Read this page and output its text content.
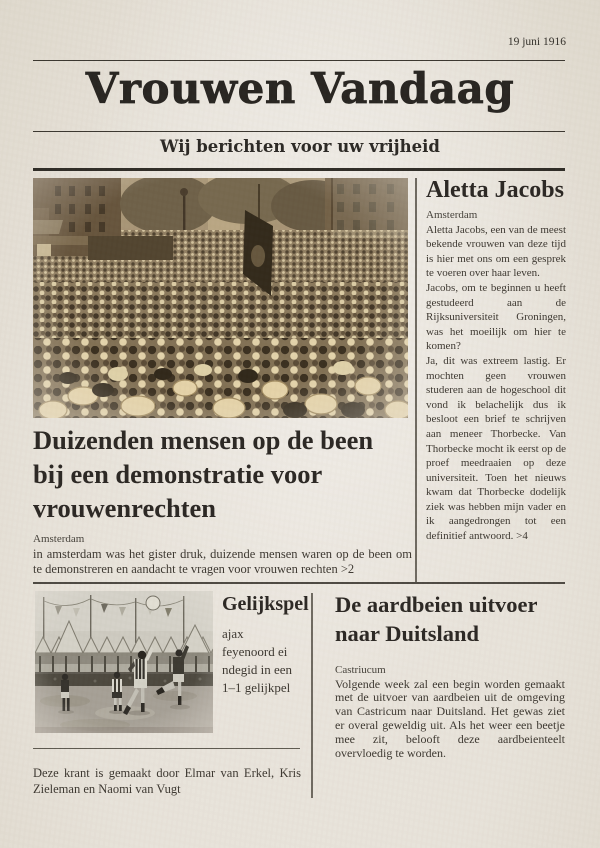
19 juni 1916
Vrouwen Vandaag
Wij berichten voor uw vrijheid
Duizenden mensen op de been bij een demonstratie voor vrouwenrechten
Amsterdam
in amsterdam was het gister druk, duizende mensen waren op de been om te demonstreren en aandacht te vragen voor vrouwen rechten >2
Aletta Jacobs
Amsterdam

Aletta Jacobs, een van de meest bekende vrouwen van deze tijd is hier met ons om een gesprek te voeren over haar leven.

Jacobs, om te beginnen u heeft gestudeerd aan de Rijksuniversiteit Groningen, was het moeilijk om hier te komen?

Ja, dit was extreem lastig. Er mochten geen vrouwen studeren aan de hogeschool dit vond ik belachelijk dus ik besloot een brief te schrijven aan meneer Thorbecke. Van Thorbecke mocht ik eerst op de proef meedraaien op deze universiteit. Toen het nieuws kwam dat Thorbecke dodelijk ziek was hebben mijn vader en ik aangedrongen tot een definitief antwoord. >4

Gelijkspel
ajax
feyenoord ei
ndegid in een
1–1 gelijkpel
De aardbeien uitvoer naar Duitsland
Castriucum

Volgende week zal een begin worden gemaakt met de uitvoer van aardbeien uit de omgeving van Castricum naar Duitsland. Het gewas ziet er overal geweldig uit. Als het weer een beetje mee zit, belooft deze aardbeienteelt overvloedig te worden.

Deze krant is gemaakt door Elmar van Erkel, Kris Zieleman en Naomi van Vugt
